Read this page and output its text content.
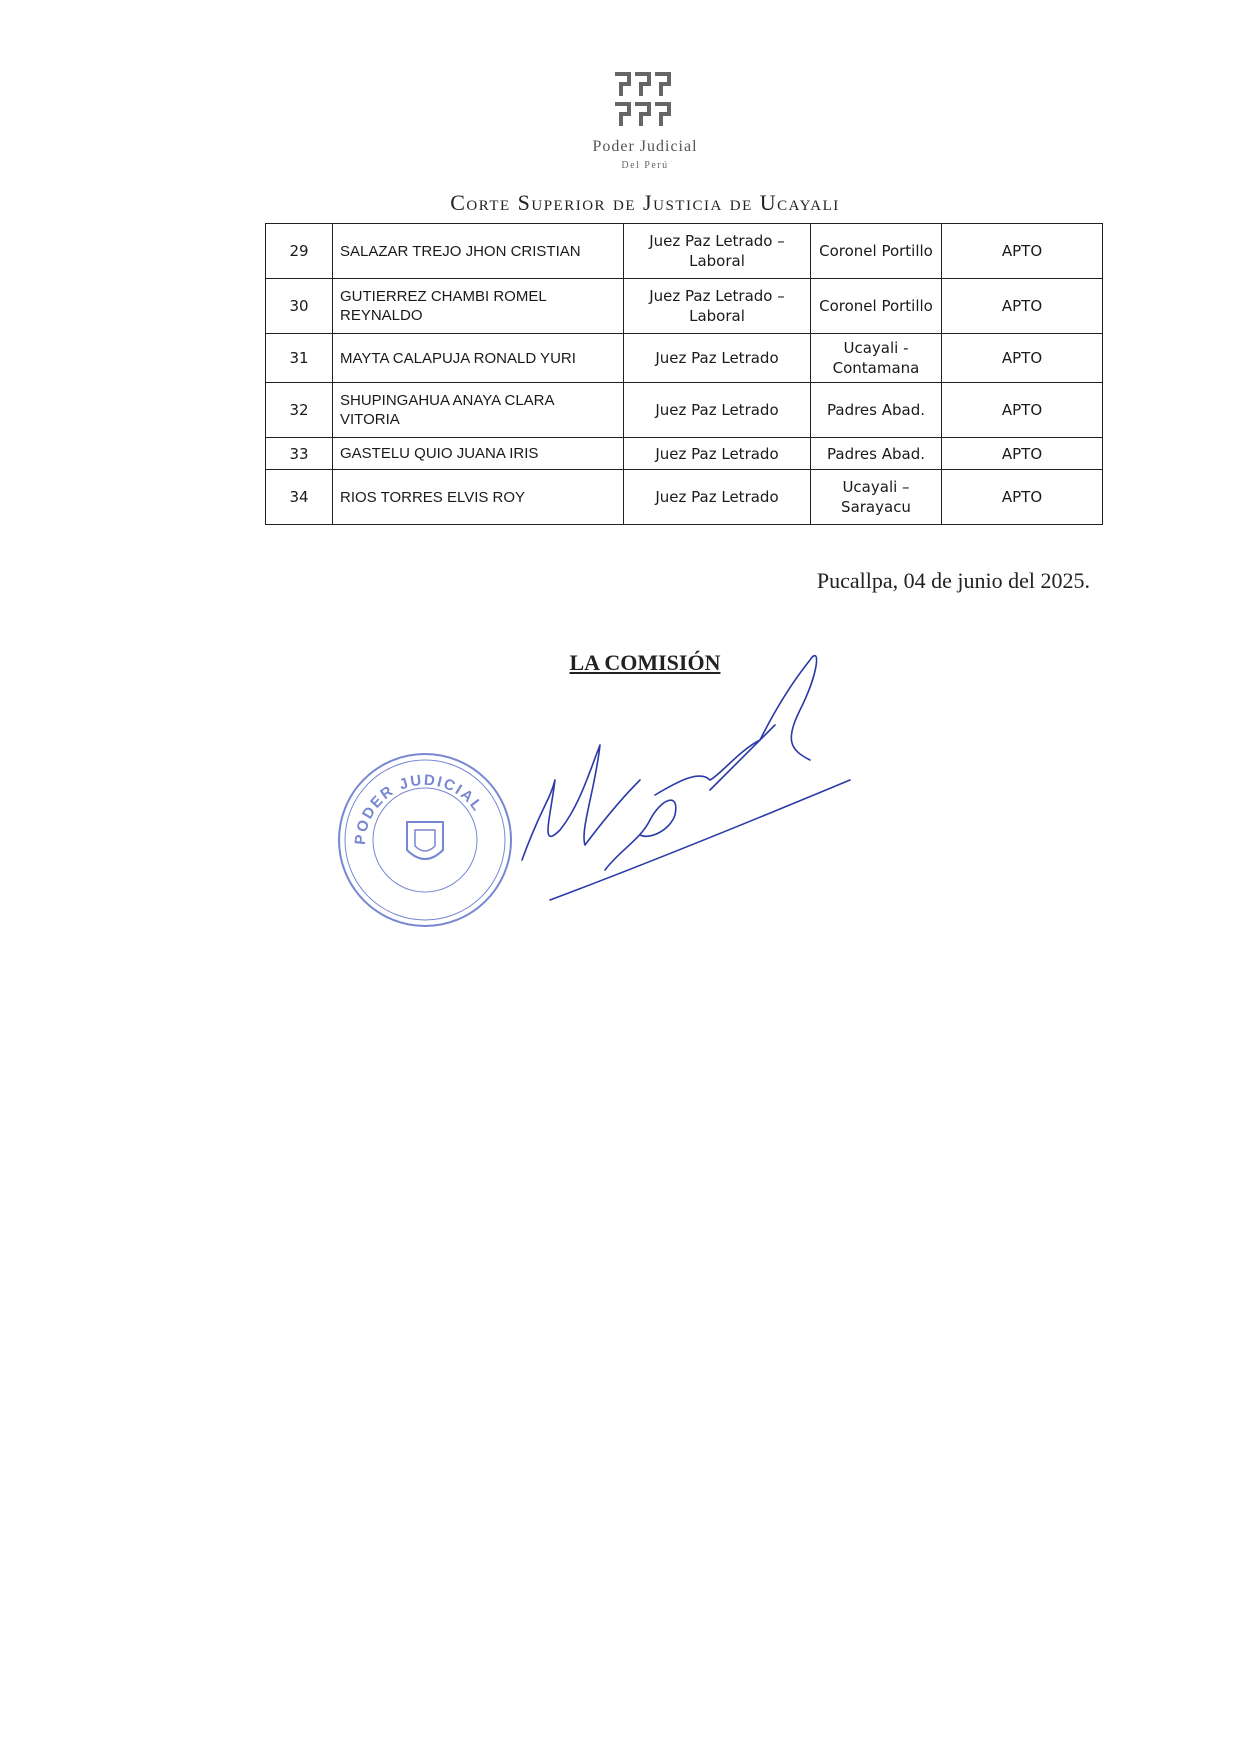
Poder Judicial
Del Perú
Corte Superior de Justicia de Ucayali
29	SALAZAR TREJO JHON CRISTIAN	Juez Paz Letrado – Laboral	Coronel Portillo	APTO
30	GUTIERREZ CHAMBI ROMEL REYNALDO	Juez Paz Letrado – Laboral	Coronel Portillo	APTO
31	MAYTA CALAPUJA RONALD YURI	Juez Paz Letrado	Ucayali - Contamana	APTO
32	SHUPINGAHUA ANAYA CLARA VITORIA	Juez Paz Letrado	Padres Abad.	APTO
33	GASTELU QUIO JUANA IRIS	Juez Paz Letrado	Padres Abad.	APTO
34	RIOS TORRES ELVIS ROY	Juez Paz Letrado	Ucayali – Sarayacu	APTO
Pucallpa, 04 de junio del 2025.
LA COMISIÓN
PODER JUDICIAL
